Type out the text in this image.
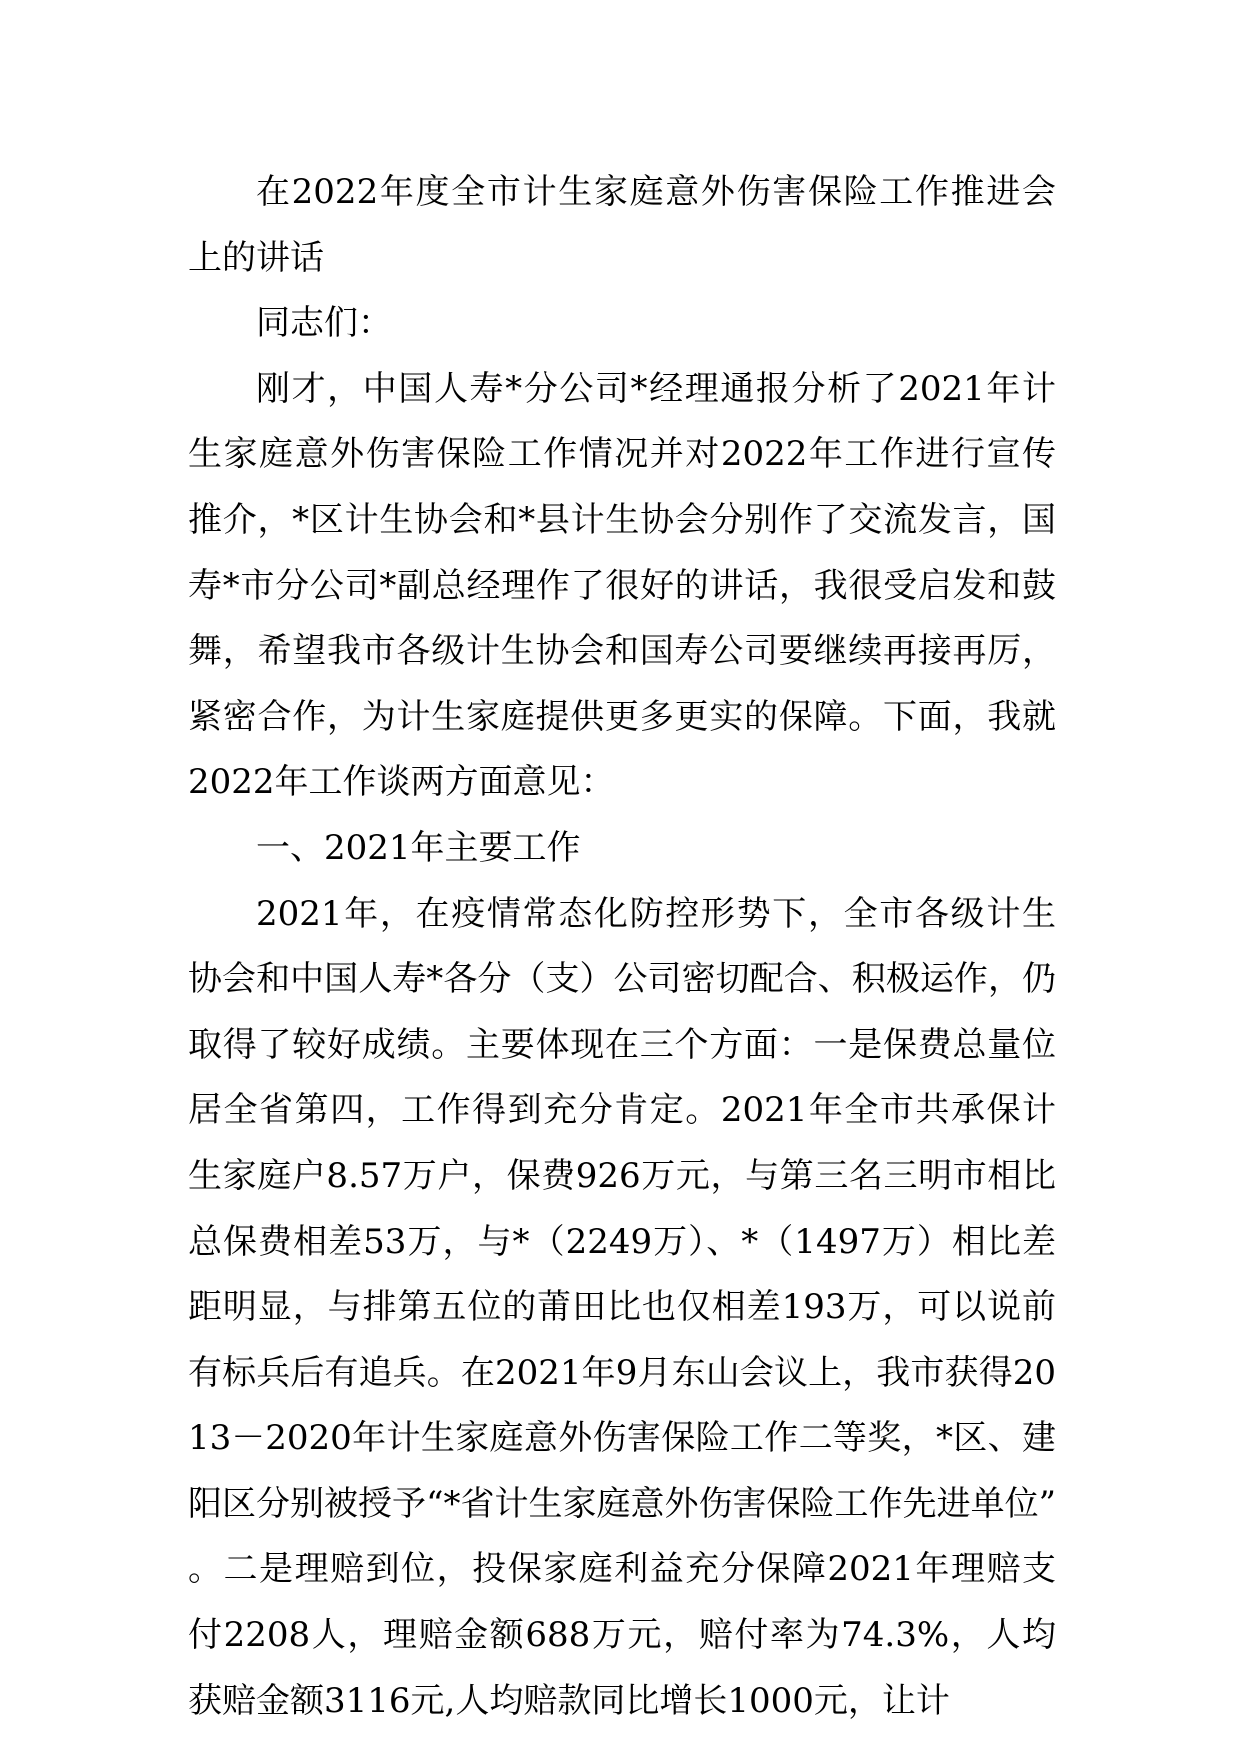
在2022年度全市计生家庭意外伤害保险工作推进会上的讲话

同志们：

刚才，中国人寿*分公司*经理通报分析了2021年计生家庭意外伤害保险工作情况并对2022年工作进行宣传推介，*区计生协会和*县计生协会分别作了交流发言，国寿*市分公司*副总经理作了很好的讲话，我很受启发和鼓舞，希望我市各级计生协会和国寿公司要继续再接再厉，紧密合作，为计生家庭提供更多更实的保障。下面，我就2022年工作谈两方面意见：

一、2021年主要工作

2021年，在疫情常态化防控形势下，全市各级计生协会和中国人寿*各分（支）公司密切配合、积极运作，仍取得了较好成绩。主要体现在三个方面：一是保费总量位居全省第四，工作得到充分肯定。2021年全市共承保计生家庭户8.57万户，保费926万元，与第三名三明市相比总保费相差53万，与*（2249万）、*（1497万）相比差距明显，与排第五位的莆田比也仅相差193万，可以说前有标兵后有追兵。在2021年9月东山会议上，我市获得2013－2020年计生家庭意外伤害保险工作二等奖，*区、建阳区分别被授予“*省计生家庭意外伤害保险工作先进单位”。二是理赔到位，投保家庭利益充分保障2021年理赔支付2208人，理赔金额688万元，赔付率为74.3%，人均获赔金额3116元,人均赔款同比增长1000元，让计
